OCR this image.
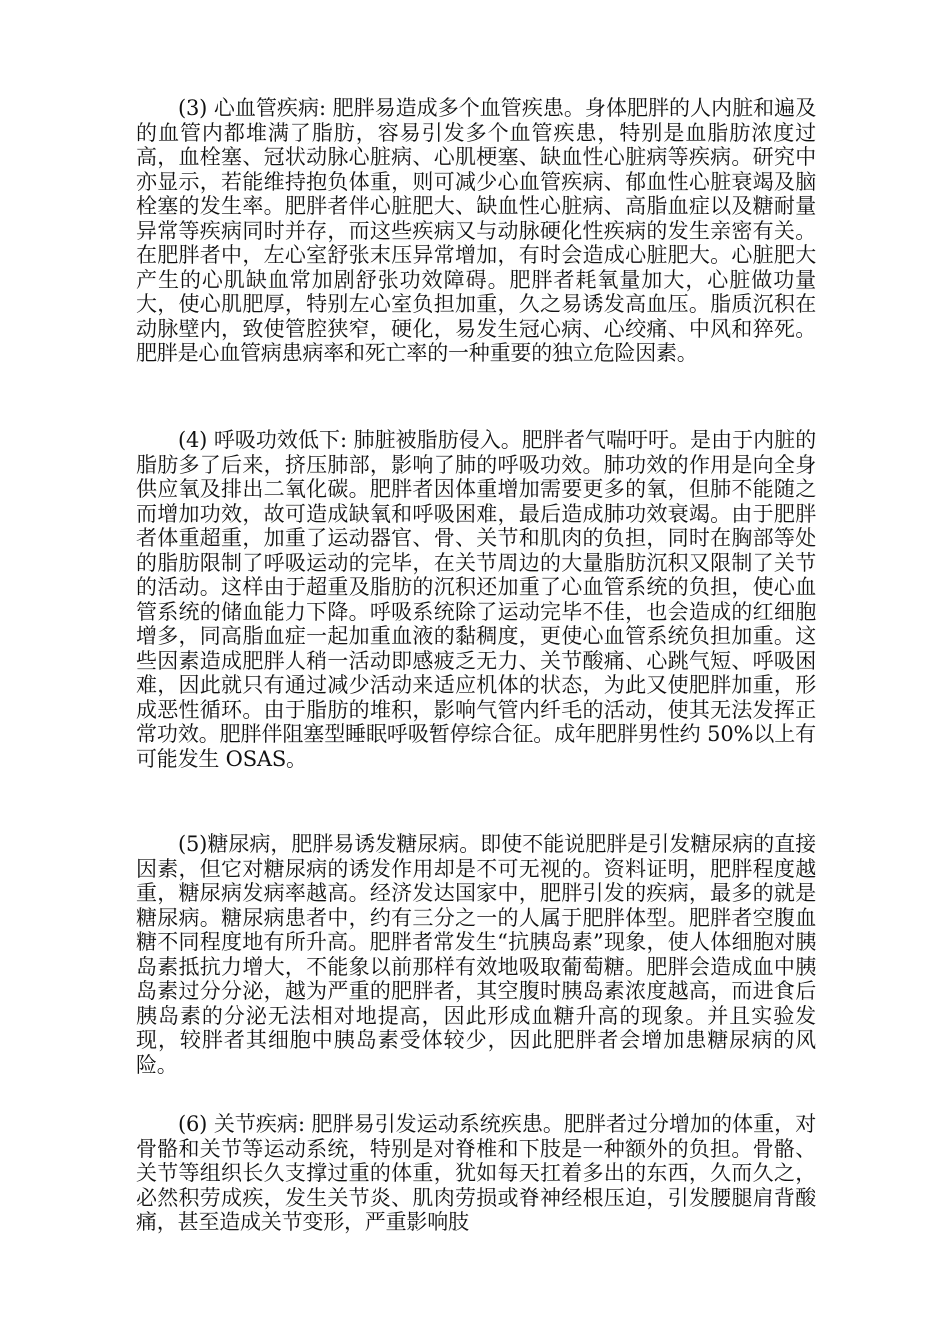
(3) 心血管疾病: 肥胖易造成多个血管疾患。身体肥胖的人内脏和遍及的血管内都堆满了脂肪，容易引发多个血管疾患，特别是血脂肪浓度过高，血栓塞、冠状动脉心脏病、心肌梗塞、缺血性心脏病等疾病。研究中亦显示，若能维持抱负体重，则可减少心血管疾病、郁血性心脏衰竭及脑栓塞的发生率。肥胖者伴心脏肥大、缺血性心脏病、高脂血症以及糖耐量异常等疾病同时并存，而这些疾病又与动脉硬化性疾病的发生亲密有关。在肥胖者中，左心室舒张末压异常增加，有时会造成心脏肥大。心脏肥大产生的心肌缺血常加剧舒张功效障碍。肥胖者耗氧量加大，心脏做功量大，使心肌肥厚，特别左心室负担加重，久之易诱发高血压。脂质沉积在动脉壁内，致使管腔狭窄，硬化，易发生冠心病、心绞痛、中风和猝死。肥胖是心血管病患病率和死亡率的一种重要的独立危险因素。

(4) 呼吸功效低下: 肺脏被脂肪侵入。肥胖者气喘吁吁。是由于内脏的脂肪多了后来，挤压肺部，影响了肺的呼吸功效。肺功效的作用是向全身供应氧及排出二氧化碳。肥胖者因体重增加需要更多的氧，但肺不能随之而增加功效，故可造成缺氧和呼吸困难，最后造成肺功效衰竭。由于肥胖者体重超重，加重了运动器官、骨、关节和肌肉的负担，同时在胸部等处的脂肪限制了呼吸运动的完毕，在关节周边的大量脂肪沉积又限制了关节的活动。这样由于超重及脂肪的沉积还加重了心血管系统的负担，使心血管系统的储血能力下降。呼吸系统除了运动完毕不佳，也会造成的红细胞增多，同高脂血症一起加重血液的黏稠度，更使心血管系统负担加重。这些因素造成肥胖人稍一活动即感疲乏无力、关节酸痛、心跳气短、呼吸困难，因此就只有通过减少活动来适应机体的状态，为此又使肥胖加重，形成恶性循环。由于脂肪的堆积，影响气管内纤毛的活动，使其无法发挥正常功效。肥胖伴阻塞型睡眠呼吸暂停综合征。成年肥胖男性约 50%以上有可能发生 OSAS。

(5)糖尿病，肥胖易诱发糖尿病。即使不能说肥胖是引发糖尿病的直接因素，但它对糖尿病的诱发作用却是不可无视的。资料证明，肥胖程度越重，糖尿病发病率越高。经济发达国家中，肥胖引发的疾病，最多的就是糖尿病。糖尿病患者中，约有三分之一的人属于肥胖体型。肥胖者空腹血糖不同程度地有所升高。肥胖者常发生“抗胰岛素”现象，使人体细胞对胰岛素抵抗力增大，不能象以前那样有效地吸取葡萄糖。肥胖会造成血中胰岛素过分分泌，越为严重的肥胖者，其空腹时胰岛素浓度越高，而进食后胰岛素的分泌无法相对地提高，因此形成血糖升高的现象。并且实验发现，较胖者其细胞中胰岛素受体较少，因此肥胖者会增加患糖尿病的风险。

(6) 关节疾病: 肥胖易引发运动系统疾患。肥胖者过分增加的体重，对骨骼和关节等运动系统，特别是对脊椎和下肢是一种额外的负担。骨骼、关节等组织长久支撑过重的体重，犹如每天扛着多出的东西，久而久之，必然积劳成疾，发生关节炎、肌肉劳损或脊神经根压迫，引发腰腿肩背酸痛，甚至造成关节变形，严重影响肢
